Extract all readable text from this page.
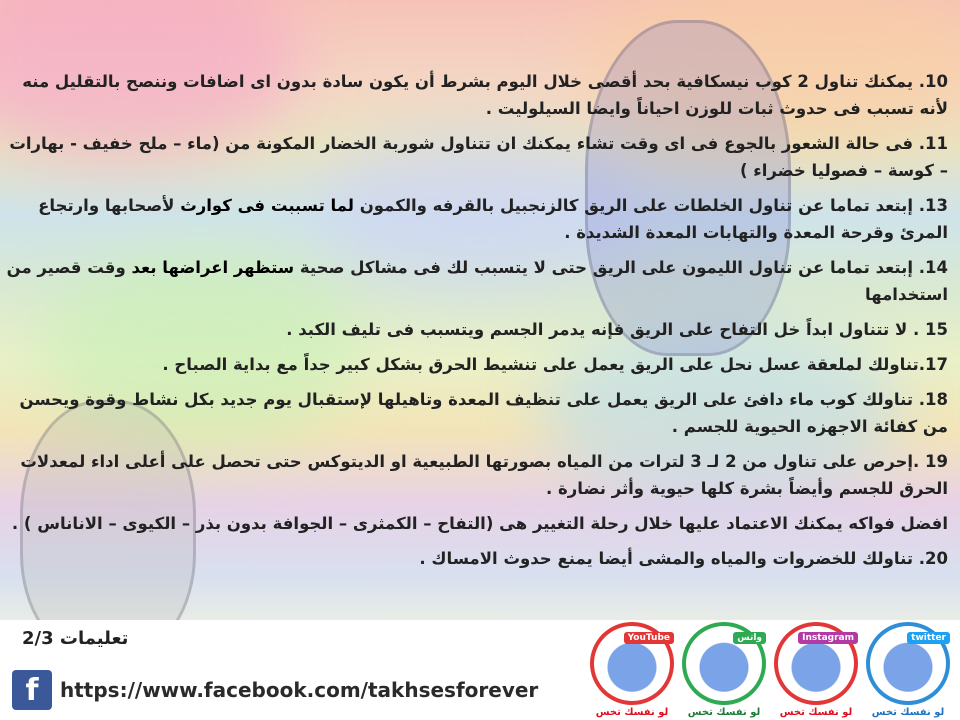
10. يمكنك تناول 2 كوب نيسكافية بحد أقصى خلال اليوم بشرط أن يكون سادة بدون اى اضافات وننصح بالتقليل منه لأنه تسبب فى حدوث ثبات للوزن احياناً وايضا السيلوليت .

11. فى حالة الشعور بالجوع فى اى وقت تشاء يمكنك ان تتناول شوربة الخضار المكونة من (ماء – ملح خفيف - بهارات – كوسة – فصوليا خضراء )

13. إبتعد تماما عن تناول الخلطات على الريق كالزنجبيل بالقرفه والكمون لما تسببت فى كوارث لأصحابها وارتجاع المرئ وقرحة المعدة والتهابات المعدة الشديدة .

14. إبتعد تماما عن تناول الليمون على الريق حتى لا يتسبب لك فى مشاكل صحية ستظهر اعراضها بعد وقت قصير من استخدامها

15 . لا تتناول ابداً خل التفاح على الريق فإنه يدمر الجسم ويتسبب فى تليف الكبد .

17.تناولك لملعقة عسل نحل على الريق يعمل على تنشيط الحرق بشكل كبير جداً مع بداية الصباح .

18. تناولك كوب ماء دافئ على الريق يعمل على تنظيف المعدة وتاهيلها لإستقبال يوم جديد بكل نشاط وقوة ويحسن من كفائة الاجهزه الحيوية للجسم .

19 .إحرص على تناول من 2 لـ 3 لترات من المياه بصورتها الطبيعية او الديتوكس حتى تحصل على أعلى اداء لمعدلات الحرق للجسم وأيضاً بشرة كلها حيوية وأثر نضارة .

افضل فواكه يمكنك الاعتماد عليها خلال رحلة التغيير هى (التفاح – الكمثرى – الجوافة بدون بذر – الكيوى – الاناناس ) .

20. تناولك للخضروات والمياه والمشى أيضا يمنع حدوث الامساك .

تعليمات 2/3
f	https://www.facebook.com/takhsesforever
YouTube
لو نفسك تخس
واتس
لو نفسك تخس
Instagram
لو نفسك تخس
twitter
لو نفسك تخس
